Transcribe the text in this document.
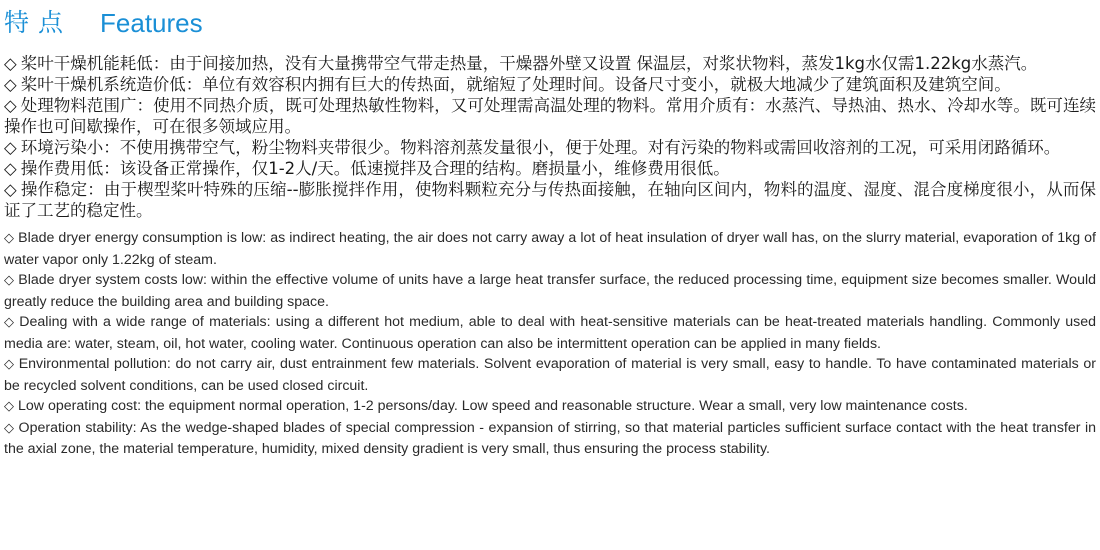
特点 Features
◇ 桨叶干燥机能耗低：由于间接加热，没有大量携带空气带走热量，干燥器外壁又设置 保温层，对浆状物料，蒸发1kg水仅需1.22kg水蒸汽。
◇ 桨叶干燥机系统造价低：单位有效容积内拥有巨大的传热面，就缩短了处理时间。设备尺寸变小，就极大地减少了建筑面积及建筑空间。
◇ 处理物料范围广：使用不同热介质，既可处理热敏性物料，又可处理需高温处理的物料。常用介质有：水蒸汽、导热油、热水、冷却水等。既可连续操作也可间歇操作，可在很多领域应用。
◇ 环境污染小：不使用携带空气，粉尘物料夹带很少。物料溶剂蒸发量很小，便于处理。对有污染的物料或需回收溶剂的工况，可采用闭路循环。
◇ 操作费用低：该设备正常操作，仅1-2人/天。低速搅拌及合理的结构。磨损量小，维修费用很低。
◇ 操作稳定：由于楔型桨叶特殊的压缩--膨胀搅拌作用，使物料颗粒充分与传热面接触，在轴向区间内，物料的温度、湿度、混合度梯度很小，从而保证了工艺的稳定性。
◇ Blade dryer energy consumption is low: as indirect heating, the air does not carry away a lot of heat insulation of dryer wall has, on the slurry material, evaporation of 1kg of water vapor only 1.22kg of steam.
◇ Blade dryer system costs low: within the effective volume of units have a large heat transfer surface, the reduced processing time, equipment size becomes smaller. Would greatly reduce the building area and building space.
◇ Dealing with a wide range of materials: using a different hot medium, able to deal with heat-sensitive materials can be heat-treated materials handling. Commonly used media are: water, steam, oil, hot water, cooling water. Continuous operation can also be intermittent operation can be applied in many fields.
◇ Environmental pollution: do not carry air, dust entrainment few materials. Solvent evaporation of material is very small, easy to handle. To have contaminated materials or be recycled solvent conditions, can be used closed circuit.
◇ Low operating cost: the equipment normal operation, 1-2 persons/day. Low speed and reasonable structure. Wear a small, very low maintenance costs.
◇ Operation stability: As the wedge-shaped blades of special compression - expansion of stirring, so that material particles sufficient surface contact with the heat transfer in the axial zone, the material temperature, humidity, mixed density gradient is very small, thus ensuring the process stability.
